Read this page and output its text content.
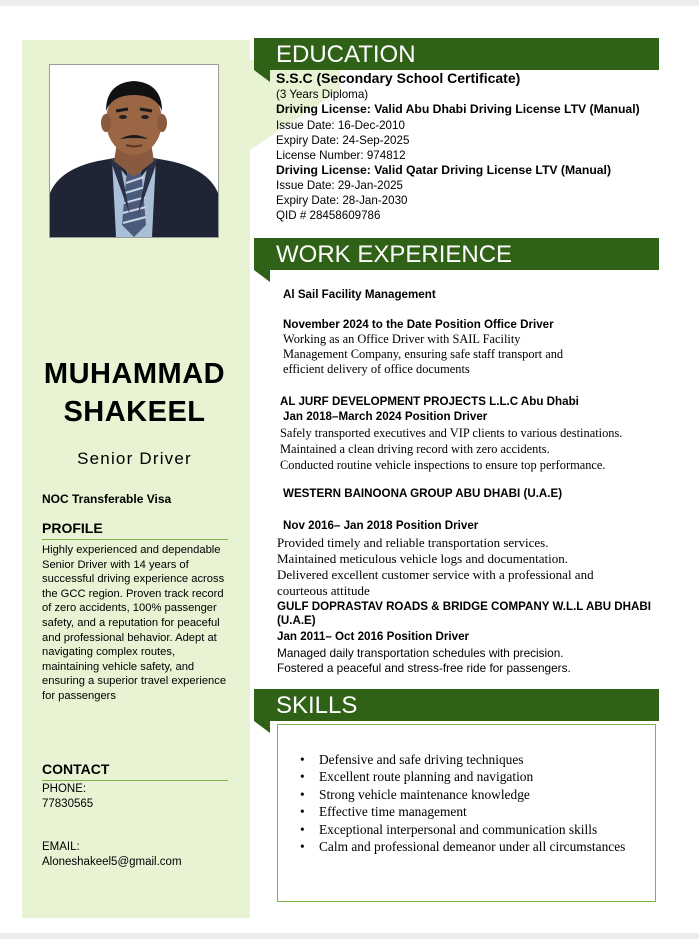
MUHAMMAD
SHAKEEL
Senior Driver
NOC Transferable Visa
PROFILE
Highly experienced and dependable Senior Driver with 14 years of successful driving experience across the GCC region. Proven track record of zero accidents, 100% passenger safety, and a reputation for peaceful and professional behavior. Adept at navigating complex routes, maintaining vehicle safety, and ensuring a superior travel experience for passengers
CONTACT
PHONE:
77830565
EMAIL:
Aloneshakeel5@gmail.com
EDUCATION
S.S.C (Secondary School Certificate)
(3 Years Diploma)
Driving License: Valid Abu Dhabi Driving License LTV (Manual)
Issue Date: 16-Dec-2010
Expiry Date: 24-Sep-2025
License Number: 974812
Driving License: Valid Qatar Driving License LTV (Manual)
Issue Date: 29-Jan-2025
Expiry Date: 28-Jan-2030
QID # 28458609786
WORK EXPERIENCE
Al Sail Facility Management
November 2024 to the Date Position Office Driver
Working as an Office Driver with SAIL Facility
Management Company, ensuring safe staff transport and
efficient delivery of office documents
AL JURF DEVELOPMENT PROJECTS L.L.C Abu Dhabi
Jan 2018–March 2024 Position Driver
Safely transported executives and VIP clients to various destinations.
Maintained a clean driving record with zero accidents.
Conducted routine vehicle inspections to ensure top performance.
WESTERN BAINOONA GROUP ABU DHABI (U.A.E)
Nov 2016– Jan 2018 Position Driver
Provided timely and reliable transportation services.
Maintained meticulous vehicle logs and documentation.
Delivered excellent customer service with a professional and
courteous attitude
GULF DOPRASTAV ROADS & BRIDGE COMPANY W.L.L ABU DHABI
(U.A.E)
Jan 2011– Oct 2016 Position Driver
Managed daily transportation schedules with precision.
Fostered a peaceful and stress-free ride for passengers.
SKILLS
• Defensive and safe driving techniques
• Excellent route planning and navigation
• Strong vehicle maintenance knowledge
• Effective time management
• Exceptional interpersonal and communication skills
• Calm and professional demeanor under all circumstances
